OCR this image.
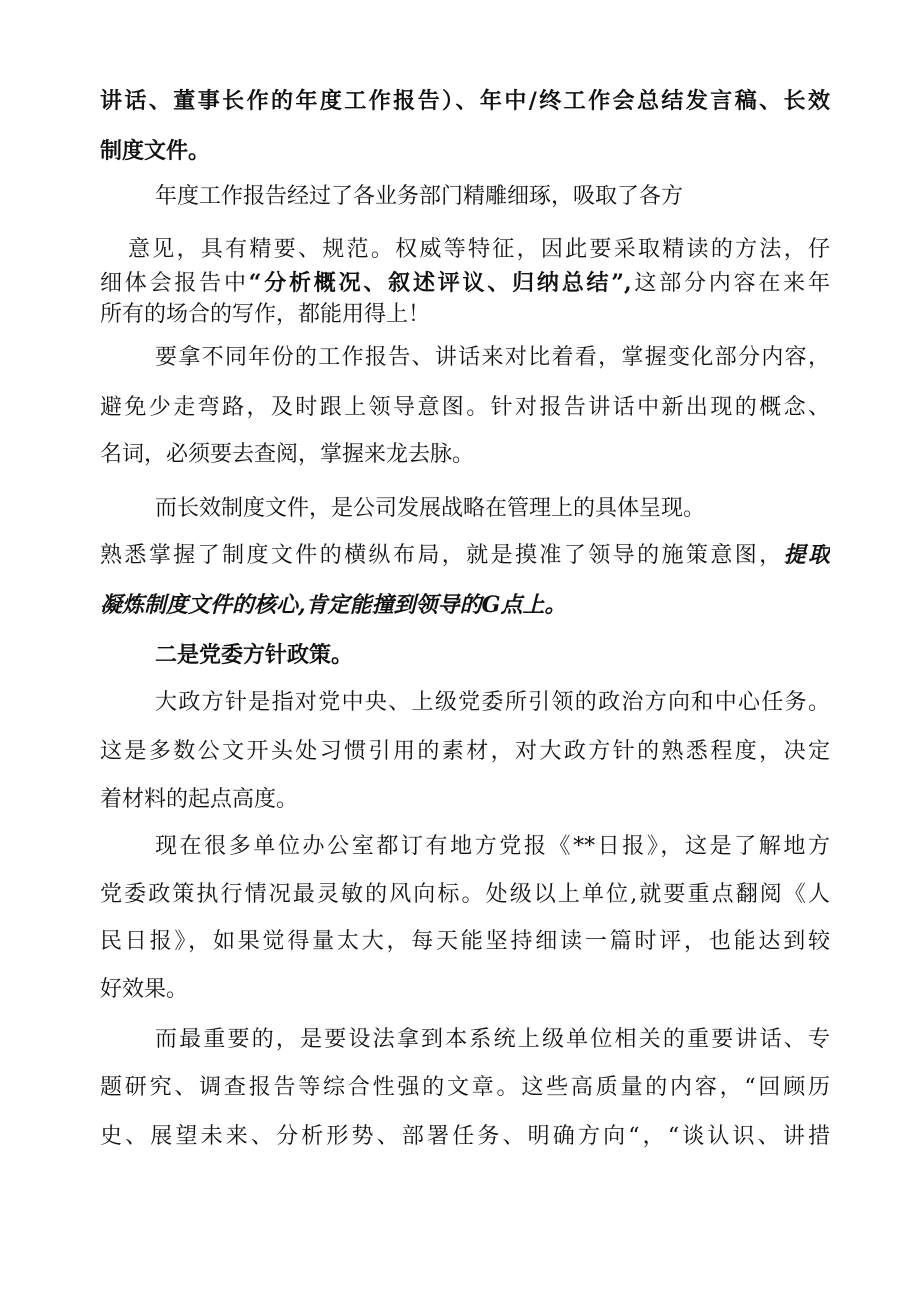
讲话、董事长作的年度工作报告）、年中/终工作会总结发言稿、长效
制度文件。
年度工作报告经过了各业务部门精雕细琢，吸取了各方
意见，具有精要、规范。权威等特征，因此要采取精读的方法，仔
细体会报告中“分析概况、叙述评议、归纳总结”,这部分内容在来年
所有的场合的写作，都能用得上！
要拿不同年份的工作报告、讲话来对比着看，掌握变化部分内容，
避免少走弯路，及时跟上领导意图。针对报告讲话中新出现的概念、
名词，必须要去查阅，掌握来龙去脉。
而长效制度文件，是公司发展战略在管理上的具体呈现。
熟悉掌握了制度文件的横纵布局，就是摸准了领导的施策意图，提取
凝炼制度文件的核心,肯定能撞到领导的G点上。
二是党委方针政策。
大政方针是指对党中央、上级党委所引领的政治方向和中心任务。
这是多数公文开头处习惯引用的素材，对大政方针的熟悉程度，决定
着材料的起点高度。
现在很多单位办公室都订有地方党报《**日报》，这是了解地方
党委政策执行情况最灵敏的风向标。处级以上单位,就要重点翻阅《人
民日报》，如果觉得量太大，每天能坚持细读一篇时评，也能达到较
好效果。
而最重要的，是要设法拿到本系统上级单位相关的重要讲话、专
题研究、调查报告等综合性强的文章。这些高质量的内容，“回顾历
史、展望未来、分析形势、部署任务、明确方向“，“谈认识、讲措
